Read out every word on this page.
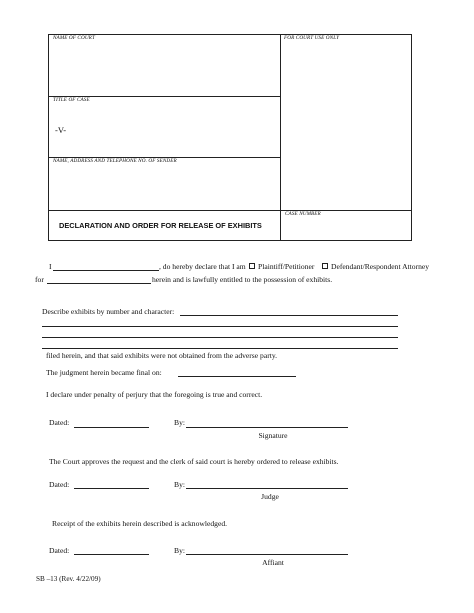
NAME OF COURT	FOR COURT USE ONLY
TITLE OF CASE
-V-
NAME, ADDRESS AND TELEPHONE NO. OF SENDER
CASE NUMBER
DECLARATION AND ORDER FOR RELEASE OF EXHIBITS
I	, do hereby declare that I am Plaintiff/Petitioner Defendant/Respondent Attorney
for	herein and is lawfully entitled to the possession of exhibits.
Describe exhibits by number and character:
filed herein, and that said exhibits were not obtained from the adverse party.
The judgment herein became final on:
I declare under penalty of perjury that the foregoing is true and correct.
Dated:	By:
Signature
The Court approves the request and the clerk of said court is hereby ordered to release exhibits.
Dated:	By:
Judge
Receipt of the exhibits herein described is acknowledged.
Dated:	By:
Affiant
SB –13 (Rev. 4/22/09)
